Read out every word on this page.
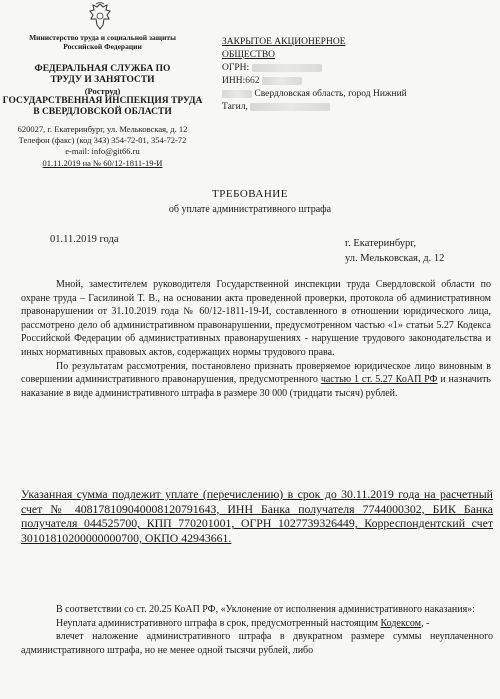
Министерство труда и социальной защиты Российской Федерации
ФЕДЕРАЛЬНАЯ СЛУЖБА ПО
ТРУДУ И ЗАНЯТОСТИ
(Роструд)
ГОСУДАРСТВЕННАЯ ИНСПЕКЦИЯ ТРУДА
В СВЕРДЛОВСКОЙ ОБЛАСТИ
620027, г. Екатеринбург, ул. Мельковская, д. 12
Телефон (факс) (код 343) 354-72-01, 354-72-72
e-mail: info@git66.ru
01.11.2019 на № 60/12-1811-19-И
ЗАКРЫТОЕ АКЦИОНЕРНОЕ
ОБЩЕСТВО
ОГРН:
ИНН:662
Свердловская область, город Нижний
Тагил,
ТРЕБОВАНИЕ
об уплате административного штрафа
01.11.2019 года	г. Екатеринбург,
ул. Мельковская, д. 12

Мной, заместителем руководителя Государственной инспекции труда Свердловской области по охране труда – Гасилиной Т. В., на основании акта проведенной проверки, протокола об административном правонарушении от 31.10.2019 года № 60/12-1811-19-И, составленного в отношении юридического лица, рассмотрено дело об административном правонарушении, предусмотренном частью «1» статьи 5.27 Кодекса Российской Федерации об административных правонарушениях - нарушение трудового законодательства и иных нормативных правовых актов, содержащих нормы трудового права.

По результатам рассмотрения, постановлено признать проверяемое юридическое лицо виновным в совершении административного правонарушения, предусмотренного частью 1 ст. 5.27 КоАП РФ и назначить наказание в виде административного штрафа в размере 30 000 (тридцати тысяч) рублей.

Указанная сумма подлежит уплате (перечислению) в срок до 30.11.2019 года на расчетный счет № 40817810904000812079164З, ИНН Банка получателя 7744000302, БИК Банка получателя 044525700, КПП 770201001, ОГРН 1027739326449, Корреспондентский счет 30101810200000000700, ОКПО 42943661.

В соответствии со ст. 20.25 КоАП РФ, «Уклонение от исполнения административного наказания»:

Неуплата административного штрафа в срок, предусмотренный настоящим Кодексом, -

влечет наложение административного штрафа в двукратном размере суммы неуплаченного административного штрафа, но не менее одной тысячи рублей, либо
